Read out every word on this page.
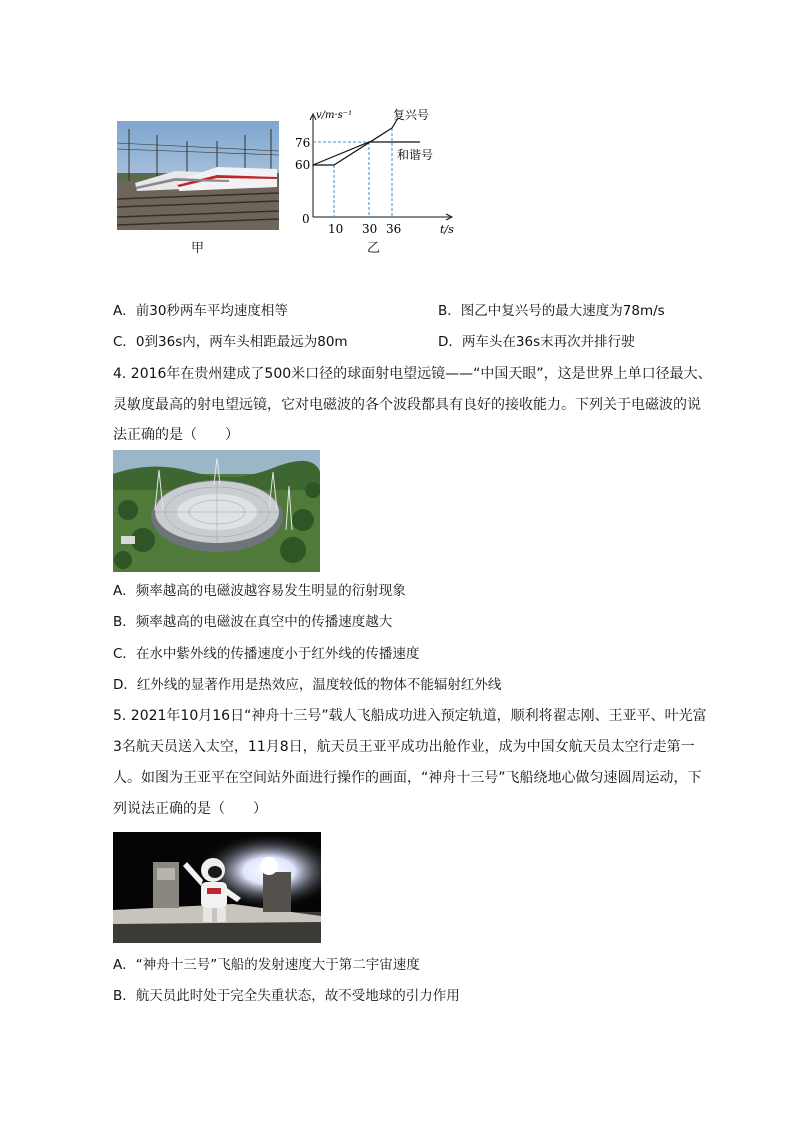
甲
v/m·s⁻¹
t/s
0
76
60
10 30 36
复兴号
和谐号
乙
A．前30秒两车平均速度相等	B．图乙中复兴号的最大速度为78m/s
C．0到36s内，两车头相距最远为80m	D．两车头在36s末再次并排行驶
4. 2016年在贵州建成了500米口径的球面射电望远镜——“中国天眼”，这是世界上单口径最大、
灵敏度最高的射电望远镜，它对电磁波的各个波段都具有良好的接收能力。下列关于电磁波的说
法正确的是（　　）
A．频率越高的电磁波越容易发生明显的衍射现象
B．频率越高的电磁波在真空中的传播速度越大
C．在水中紫外线的传播速度小于红外线的传播速度
D．红外线的显著作用是热效应，温度较低的物体不能辐射红外线
5. 2021年10月16日“神舟十三号”载人飞船成功进入预定轨道，顺利将翟志刚、王亚平、叶光富
3名航天员送入太空，11月8日，航天员王亚平成功出舱作业，成为中国女航天员太空行走第一
人。如图为王亚平在空间站外面进行操作的画面，“神舟十三号”飞船绕地心做匀速圆周运动，下
列说法正确的是（　　）
A．“神舟十三号”飞船的发射速度大于第二宇宙速度
B．航天员此时处于完全失重状态，故不受地球的引力作用
